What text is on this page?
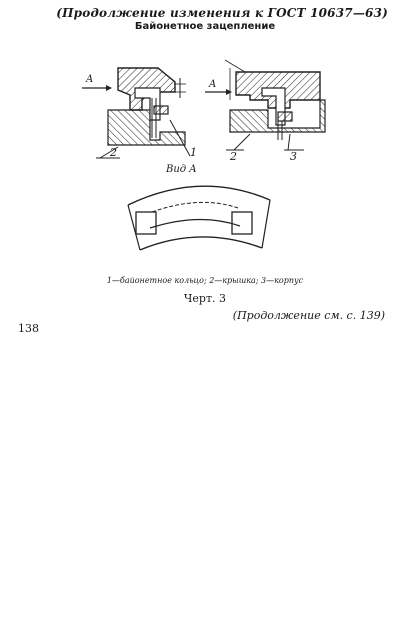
(Продолжение изменения к ГОСТ 10637—63)
Байонетное зацепление
A	A
2	1	2	3
Вид A
1—байонетное кольцо; 2—крышка; 3—корпус
Черт. 3
(Продолжение см. с. 139)
138
